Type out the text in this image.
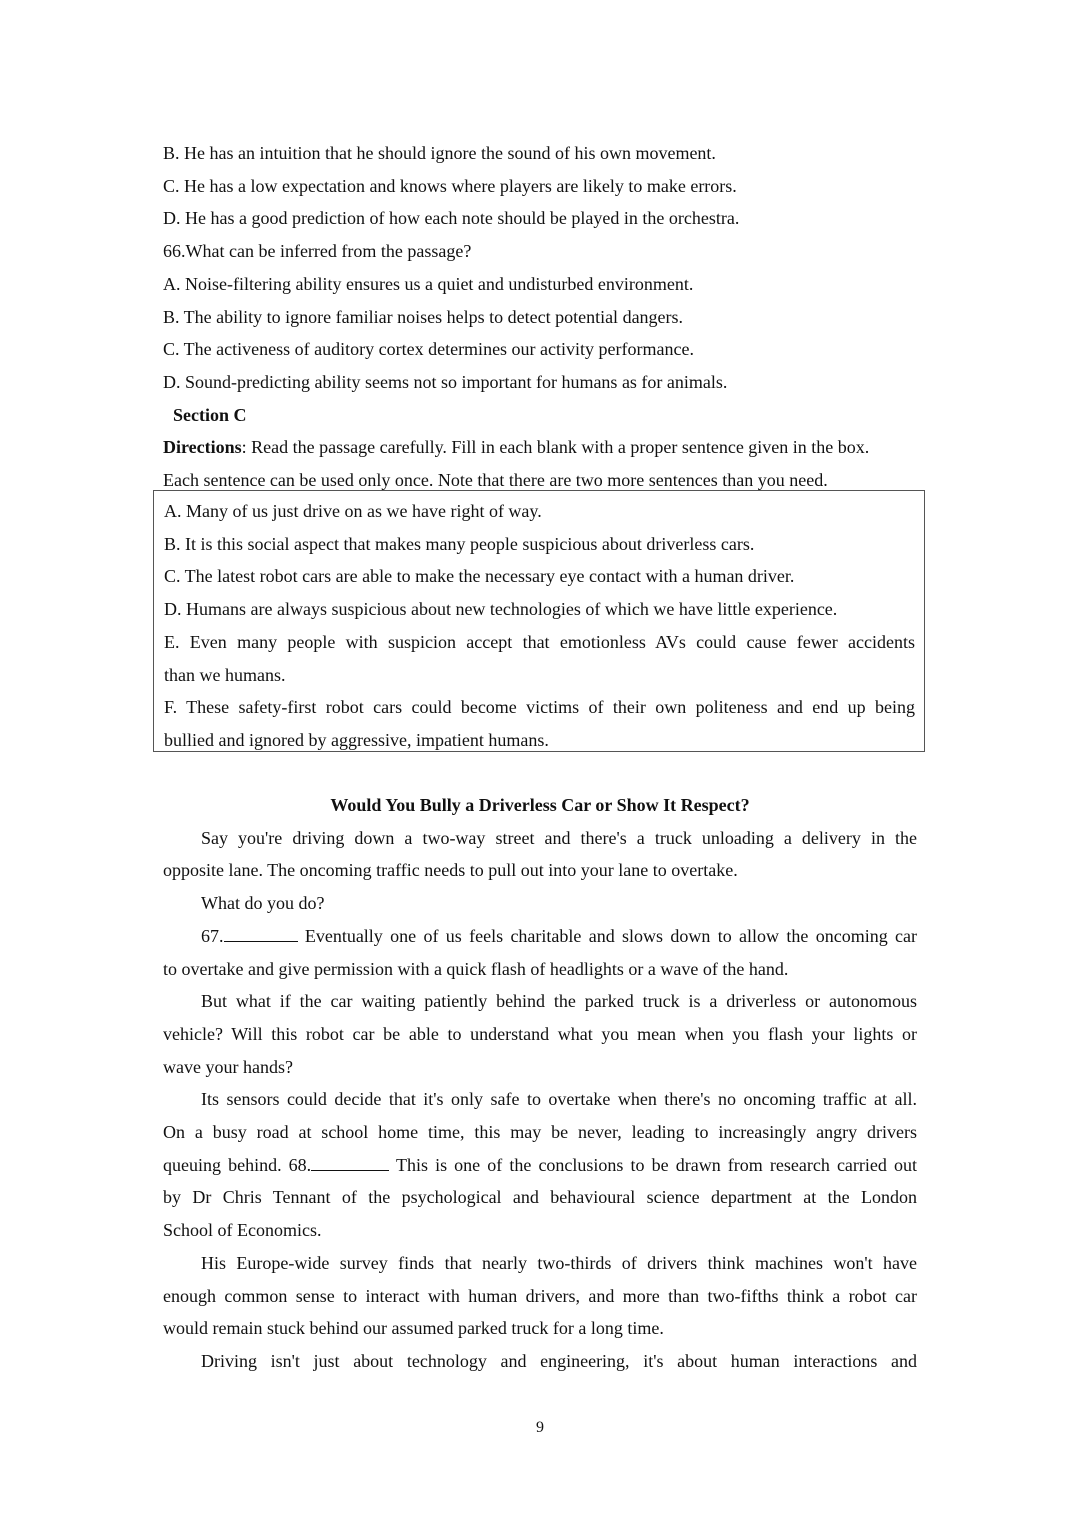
B. He has an intuition that he should ignore the sound of his own movement.
C. He has a low expectation and knows where players are likely to make errors.
D. He has a good prediction of how each note should be played in the orchestra.
66.What can be inferred from the passage?
A. Noise-filtering ability ensures us a quiet and undisturbed environment.
B. The ability to ignore familiar noises helps to detect potential dangers.
C. The activeness of auditory cortex determines our activity performance.
D. Sound-predicting ability seems not so important for humans as for animals.
Section C
Directions: Read the passage carefully. Fill in each blank with a proper sentence given in the box.
Each sentence can be used only once. Note that there are two more sentences than you need.
A. Many of us just drive on as we have right of way.
B. It is this social aspect that makes many people suspicious about driverless cars.
C. The latest robot cars are able to make the necessary eye contact with a human driver.
D. Humans are always suspicious about new technologies of which we have little experience.
E. Even many people with suspicion accept that emotionless AVs could cause fewer accidents
than we humans.
F. These safety-first robot cars could become victims of their own politeness and end up being
bullied and ignored by aggressive, impatient humans.
Would You Bully a Driverless Car or Show It Respect?
Say you're driving down a two-way street and there's a truck unloading a delivery in the
opposite lane. The oncoming traffic needs to pull out into your lane to overtake.
What do you do?
67.	Eventually one of us feels charitable and slows down to allow the oncoming car
to overtake and give permission with a quick flash of headlights or a wave of the hand.
But what if the car waiting patiently behind the parked truck is a driverless or autonomous
vehicle? Will this robot car be able to understand what you mean when you flash your lights or
wave your hands?
Its sensors could decide that it's only safe to overtake when there's no oncoming traffic at all.
On a busy road at school home time, this may be never, leading to increasingly angry drivers
queuing behind. 68.	This is one of the conclusions to be drawn from research carried out
by Dr Chris Tennant of the psychological and behavioural science department at the London
School of Economics.
His Europe-wide survey finds that nearly two-thirds of drivers think machines won't have
enough common sense to interact with human drivers, and more than two-fifths think a robot car
would remain stuck behind our assumed parked truck for a long time.
Driving isn't just about technology and engineering, it's about human interactions and
9
